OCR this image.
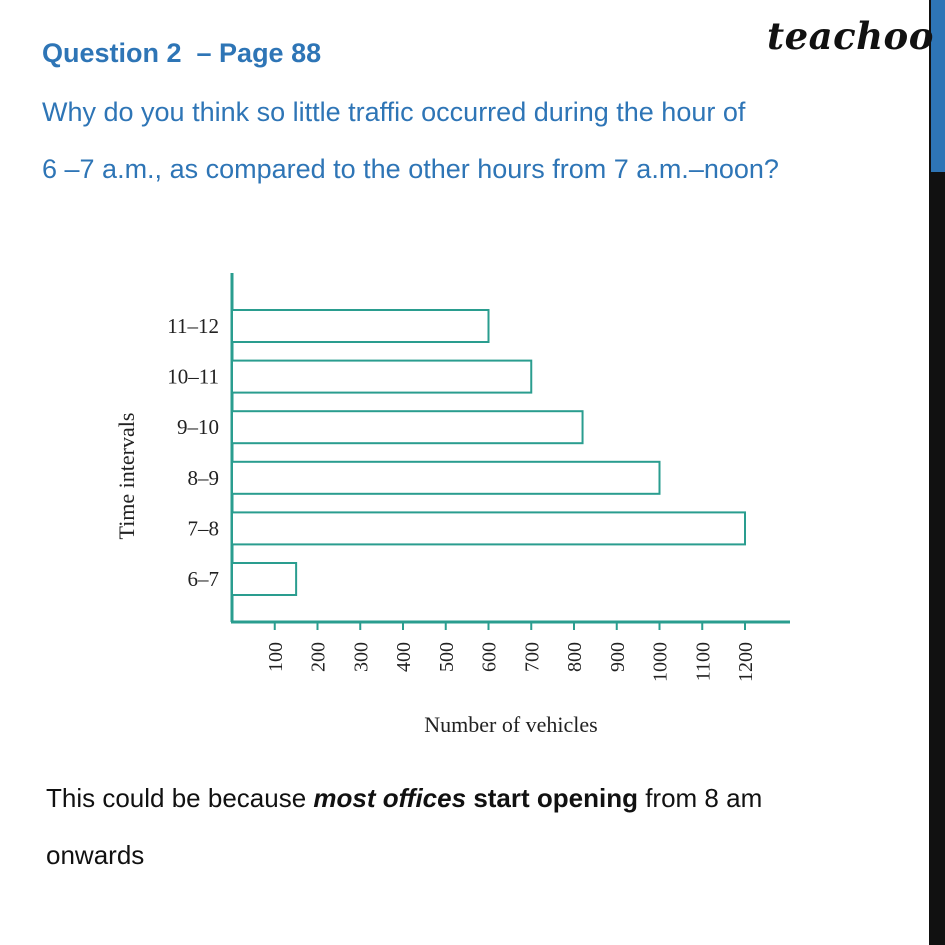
Question 2  – Page 88	teachoo
Why do you think so little traffic occurred during the hour of
6 –7 a.m., as compared to the other hours from 7 a.m.–noon?
11–12
10–11
9–10
8–9
7–8
6–7
100 200 300 400 500 600 700 800 900 1000 1100 1200
Number of vehicles
Time intervals
This could be because most offices start opening from 8 am
onwards
